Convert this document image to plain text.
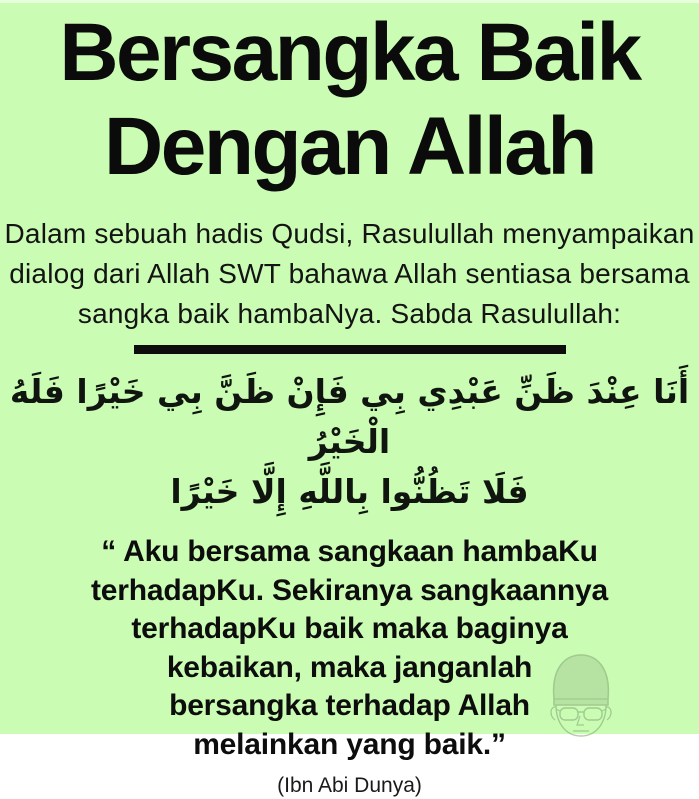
Bersangka Baik
Dengan Allah

Dalam sebuah hadis Qudsi, Rasulullah menyampaikan
dialog dari Allah SWT bahawa Allah sentiasa bersama
sangka baik hambaNya. Sabda Rasulullah:

أَنَا عِنْدَ ظَنِّ عَبْدِي بِي فَإِنْ ظَنَّ بِي خَيْرًا فَلَهُ الْخَيْرُ
فَلَا تَظُنُّوا بِاللَّهِ إِلَّا خَيْرًا
“ Aku bersama sangkaan hambaKu
terhadapKu. Sekiranya sangkaannya
terhadapKu baik maka baginya
kebaikan, maka janganlah
bersangka terhadap Allah
melainkan yang baik.”
(Ibn Abi Dunya)
